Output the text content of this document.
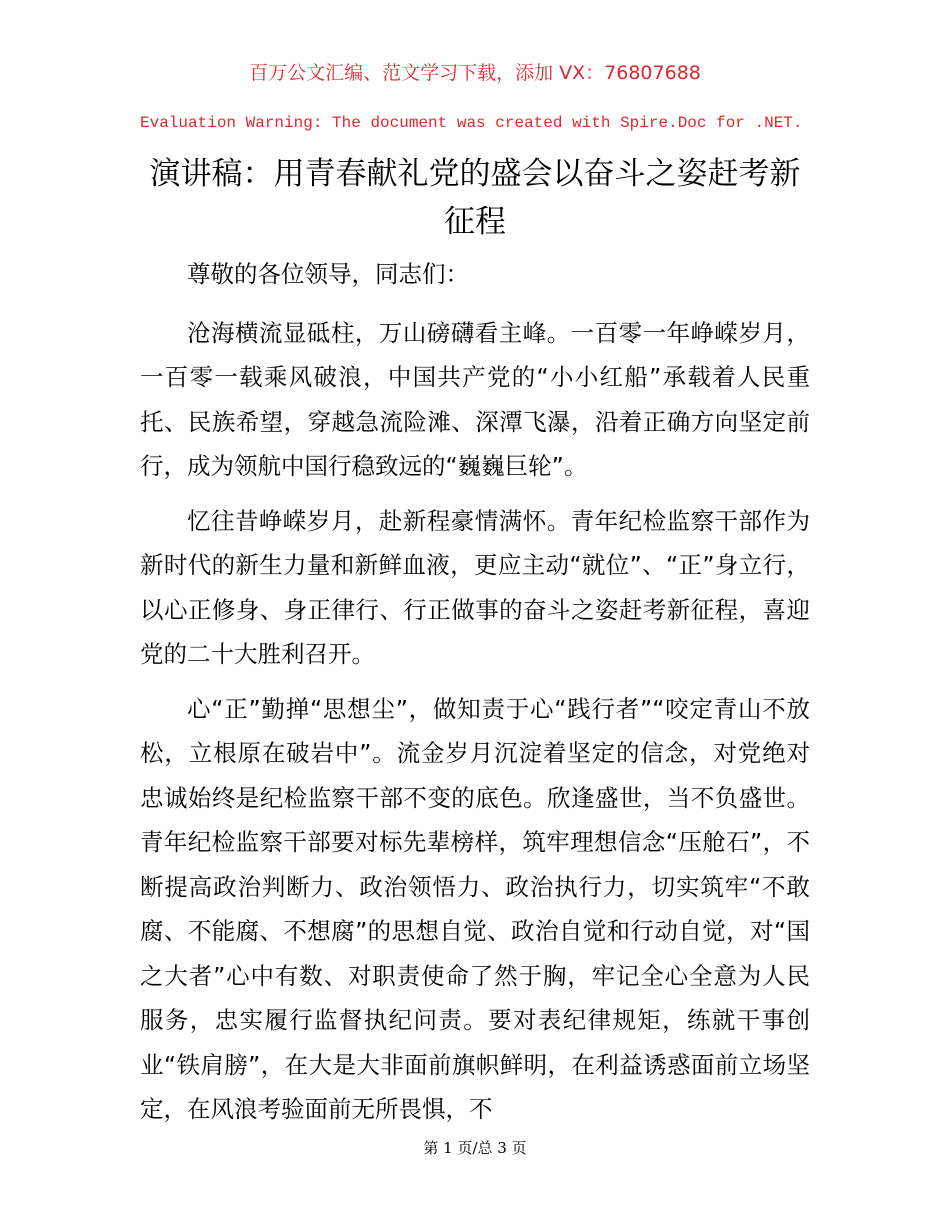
百万公文汇编、范文学习下载，添加 VX：76807688
Evaluation Warning: The document was created with Spire.Doc for .NET.
演讲稿：用青春献礼党的盛会以奋斗之姿赶考新征程

尊敬的各位领导，同志们：

沧海横流显砥柱，万山磅礴看主峰。一百零一年峥嵘岁月，一百零一载乘风破浪，中国共产党的“小小红船”承载着人民重托、民族希望，穿越急流险滩、深潭飞瀑，沿着正确方向坚定前行，成为领航中国行稳致远的“巍巍巨轮”。

忆往昔峥嵘岁月，赴新程豪情满怀。青年纪检监察干部作为新时代的新生力量和新鲜血液，更应主动“就位”、“正”身立行，以心正修身、身正律行、行正做事的奋斗之姿赶考新征程，喜迎党的二十大胜利召开。

心“正”勤掸“思想尘”，做知责于心“践行者”“咬定青山不放松，立根原在破岩中”。流金岁月沉淀着坚定的信念，对党绝对忠诚始终是纪检监察干部不变的底色。欣逢盛世，当不负盛世。青年纪检监察干部要对标先辈榜样，筑牢理想信念“压舱石”，不断提高政治判断力、政治领悟力、政治执行力，切实筑牢“不敢腐、不能腐、不想腐”的思想自觉、政治自觉和行动自觉，对“国之大者”心中有数、对职责使命了然于胸，牢记全心全意为人民服务，忠实履行监督执纪问责。要对表纪律规矩，练就干事创业“铁肩膀”，在大是大非面前旗帜鲜明，在利益诱惑面前立场坚定，在风浪考验面前无所畏惧，不

第 1 页/总 3 页
